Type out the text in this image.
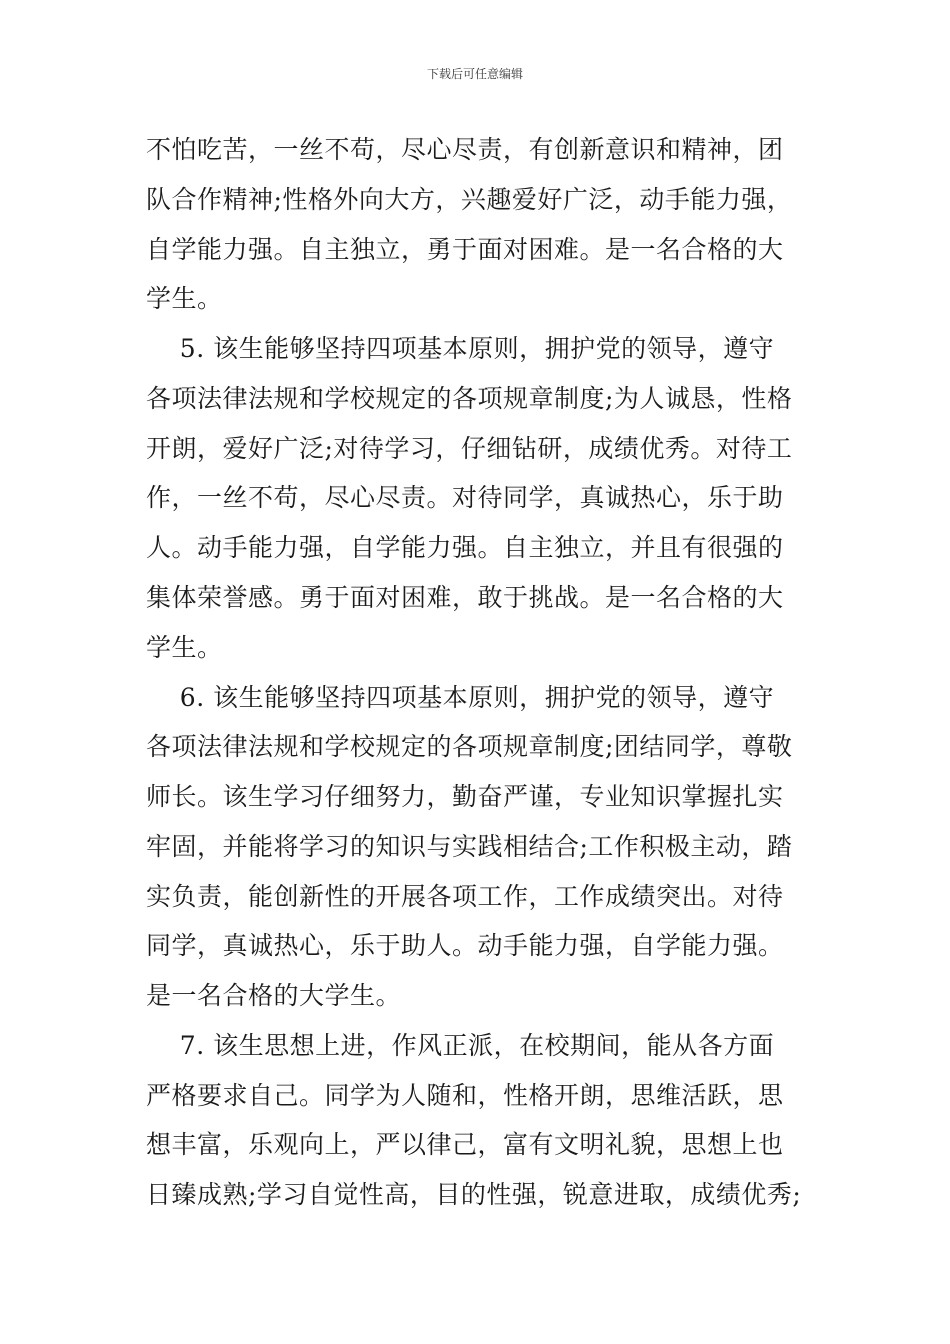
下载后可任意编辑
不怕吃苦，一丝不苟，尽心尽责，有创新意识和精神，团
队合作精神;性格外向大方，兴趣爱好广泛，动手能力强，
自学能力强。自主独立，勇于面对困难。是一名合格的大
学生。
5. 该生能够坚持四项基本原则，拥护党的领导，遵守
各项法律法规和学校规定的各项规章制度;为人诚恳，性格
开朗，爱好广泛;对待学习，仔细钻研，成绩优秀。对待工
作，一丝不苟，尽心尽责。对待同学，真诚热心，乐于助
人。动手能力强，自学能力强。自主独立，并且有很强的
集体荣誉感。勇于面对困难，敢于挑战。是一名合格的大
学生。
6. 该生能够坚持四项基本原则，拥护党的领导，遵守
各项法律法规和学校规定的各项规章制度;团结同学，尊敬
师长。该生学习仔细努力，勤奋严谨，专业知识掌握扎实
牢固，并能将学习的知识与实践相结合;工作积极主动，踏
实负责，能创新性的开展各项工作，工作成绩突出。对待
同学，真诚热心，乐于助人。动手能力强，自学能力强。
是一名合格的大学生。
7. 该生思想上进，作风正派，在校期间，能从各方面
严格要求自己。同学为人随和，性格开朗，思维活跃，思
想丰富，乐观向上，严以律己，富有文明礼貌，思想上也
日臻成熟;学习自觉性高，目的性强，锐意进取，成绩优秀;
